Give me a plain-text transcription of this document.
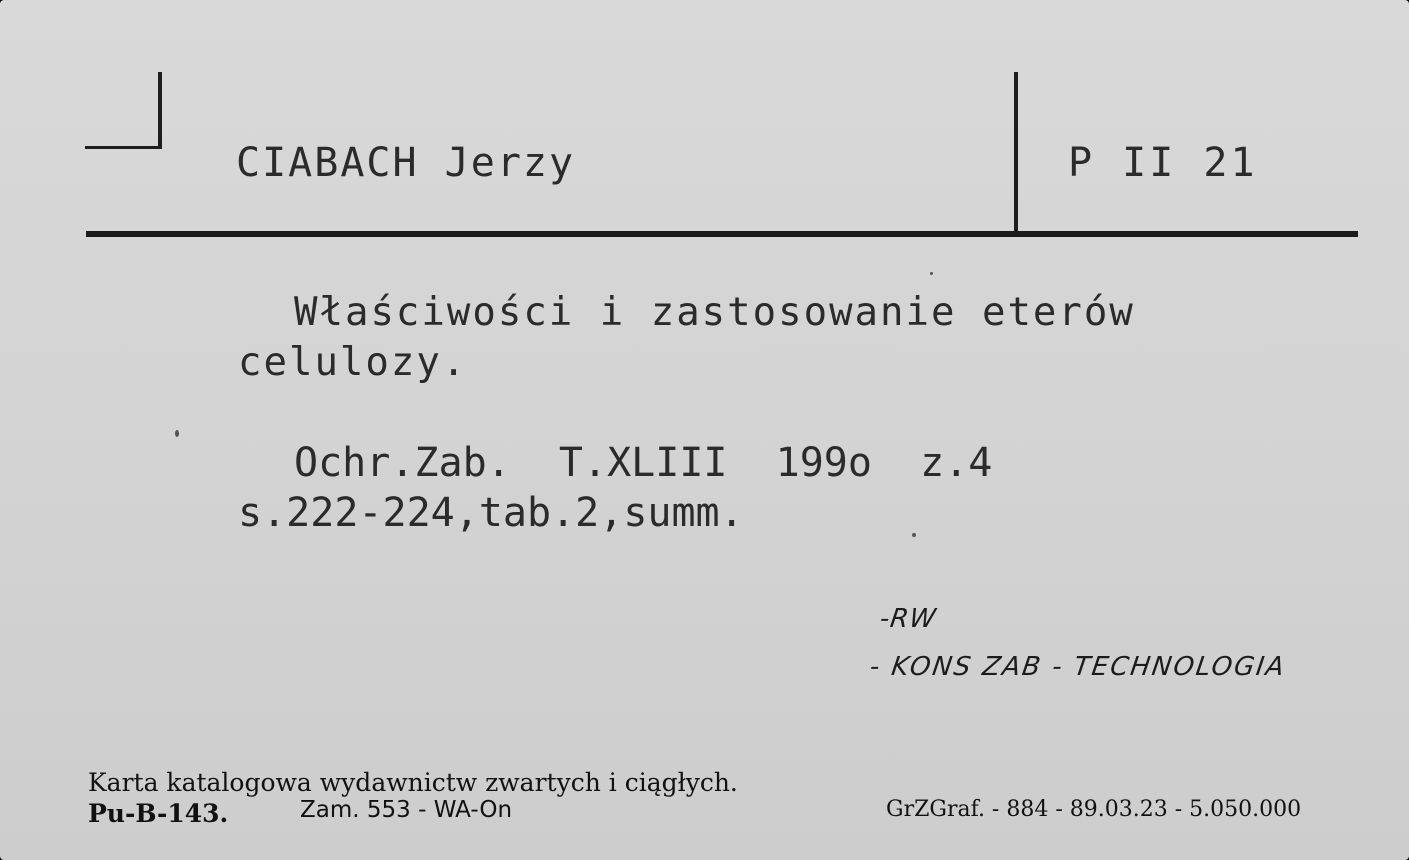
CIABACH Jerzy	P II 21
Właściwości i zastosowanie eterów
celulozy.
Ochr.Zab.  T.XLIII  199o  z.4
s.222-224,tab.2,summ.
-RW
- KONS ZAB - TECHNOLOGIA
Karta katalogowa wydawnictw zwartych i ciągłych.
Pu-B-143.	Zam. 553 - WA-On	GrZGraf. - 884 - 89.03.23 - 5.050.000
